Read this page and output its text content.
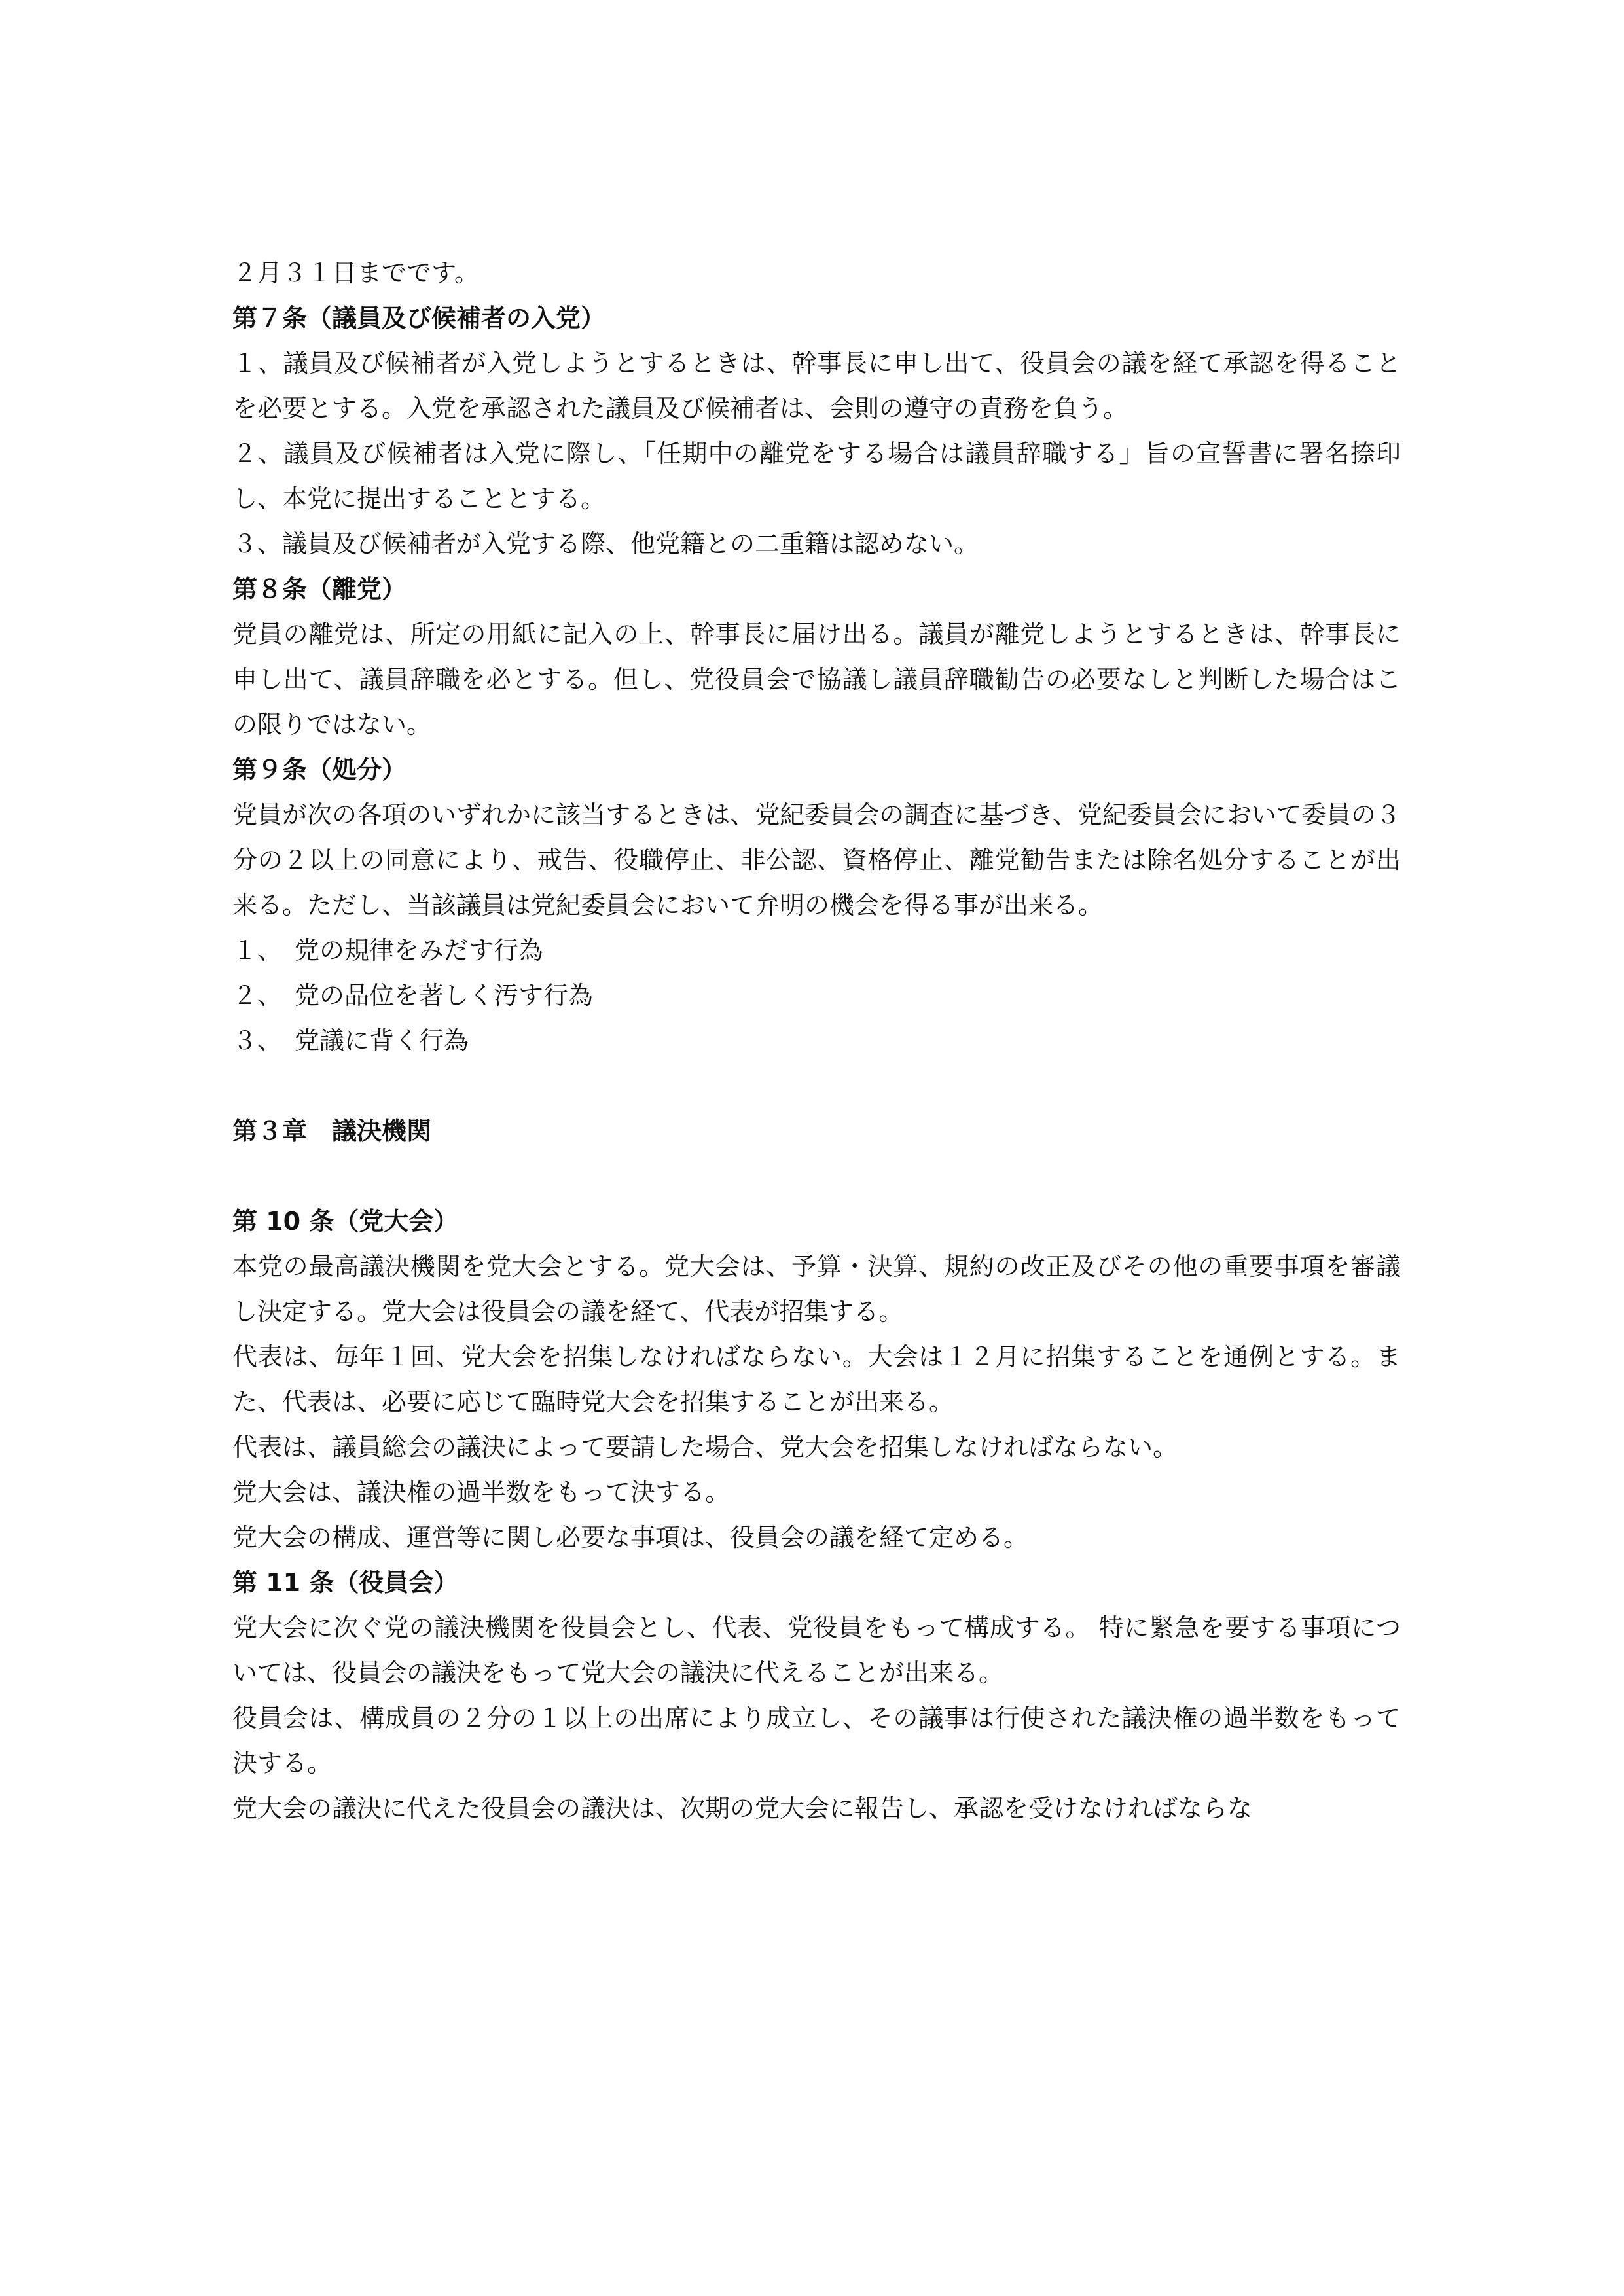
２月３１日までです。

第７条（議員及び候補者の入党）

１、議員及び候補者が入党しようとするときは、幹事長に申し出て、役員会の議を経て承認を得ることを必要とする。入党を承認された議員及び候補者は、会則の遵守の責務を負う。

２、議員及び候補者は入党に際し、「任期中の離党をする場合は議員辞職する」旨の宣誓書に署名捺印し、本党に提出することとする。

３、議員及び候補者が入党する際、他党籍との二重籍は認めない。

第８条（離党）

党員の離党は、所定の用紙に記入の上、幹事長に届け出る。議員が離党しようとするときは、幹事長に申し出て、議員辞職を必とする。但し、党役員会で協議し議員辞職勧告の必要なしと判断した場合はこの限りではない。

第９条（処分）

党員が次の各項のいずれかに該当するときは、党紀委員会の調査に基づき、党紀委員会において委員の３分の２以上の同意により、戒告、役職停止、非公認、資格停止、離党勧告または除名処分することが出来る。ただし、当該議員は党紀委員会において弁明の機会を得る事が出来る。

１、　党の規律をみだす行為

２、　党の品位を著しく汚す行為

３、　党議に背く行為

第３章　議決機関

第 10 条（党大会）

本党の最高議決機関を党大会とする。党大会は、予算・決算、規約の改正及びその他の重要事項を審議し決定する。党大会は役員会の議を経て、代表が招集する。

代表は、毎年１回、党大会を招集しなければならない。大会は１２月に招集することを通例とする。また、代表は、必要に応じて臨時党大会を招集することが出来る。

代表は、議員総会の議決によって要請した場合、党大会を招集しなければならない。

党大会は、議決権の過半数をもって決する。

党大会の構成、運営等に関し必要な事項は、役員会の議を経て定める。

第 11 条（役員会）

党大会に次ぐ党の議決機関を役員会とし、代表、党役員をもって構成する。 特に緊急を要する事項については、役員会の議決をもって党大会の議決に代えることが出来る。

役員会は、構成員の２分の１以上の出席により成立し、その議事は行使された議決権の過半数をもって決する。

党大会の議決に代えた役員会の議決は、次期の党大会に報告し、承認を受けなければならな
